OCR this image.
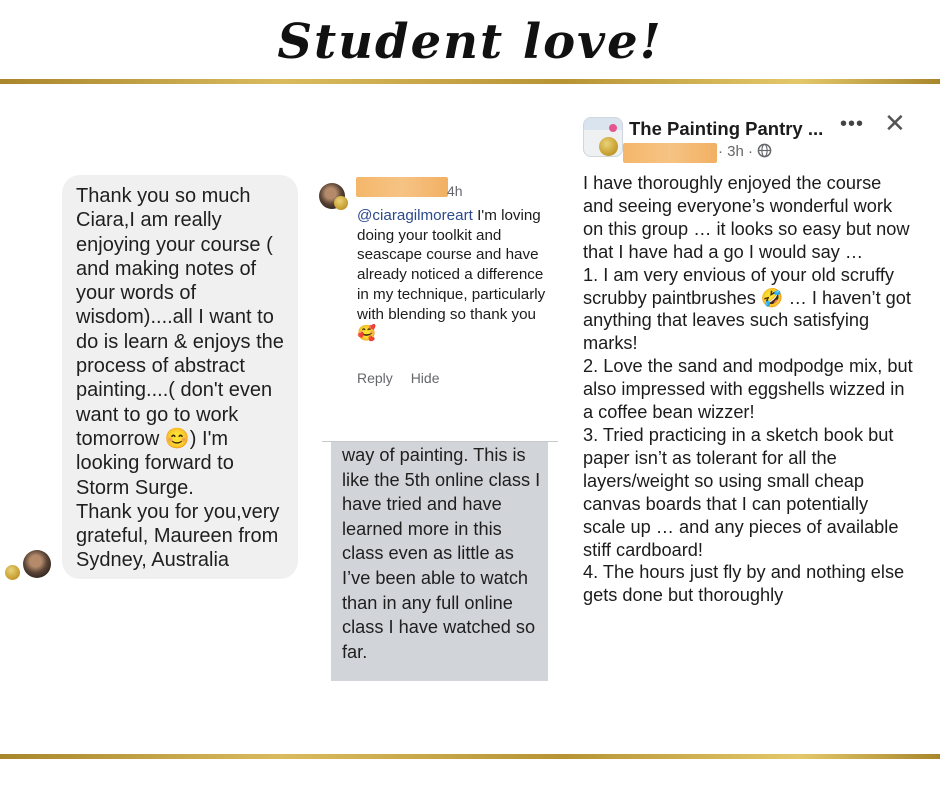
Student love!
Thank you so much Ciara,I am really enjoying your course ( and making notes of your words of wisdom)....all I want to do is learn & enjoys the process of abstract painting....( don't even want to go to work tomorrow 😊) I'm looking forward to Storm Surge.
Thank you for you,very grateful, Maureen from Sydney, Australia
4h
@ciaragilmoreart I'm loving doing your toolkit and seascape course and have already noticed a difference in my technique, particularly with blending so thank you 🥰
Reply Hide
way of painting. This is like the 5th online class I have tried and have learned more in this class even as little as I’ve been able to watch than in any full online class I have watched so far.
The Painting Pantry ...
· 3h ·
••• ✕
I have thoroughly enjoyed the course and seeing everyone’s wonderful work on this group … it looks so easy but now that I have had a go I would say …
1. I am very envious of your old scruffy scrubby paintbrushes 🤣 … I haven’t got anything that leaves such satisfying marks!
2. Love the sand and modpodge mix, but also impressed with eggshells wizzed in a coffee bean wizzer!
3. Tried practicing in a sketch book but paper isn’t as tolerant for all the layers/weight so using small cheap canvas boards that I can potentially scale up … and any pieces of available stiff cardboard!
4. The hours just fly by and nothing else gets done but thoroughly
